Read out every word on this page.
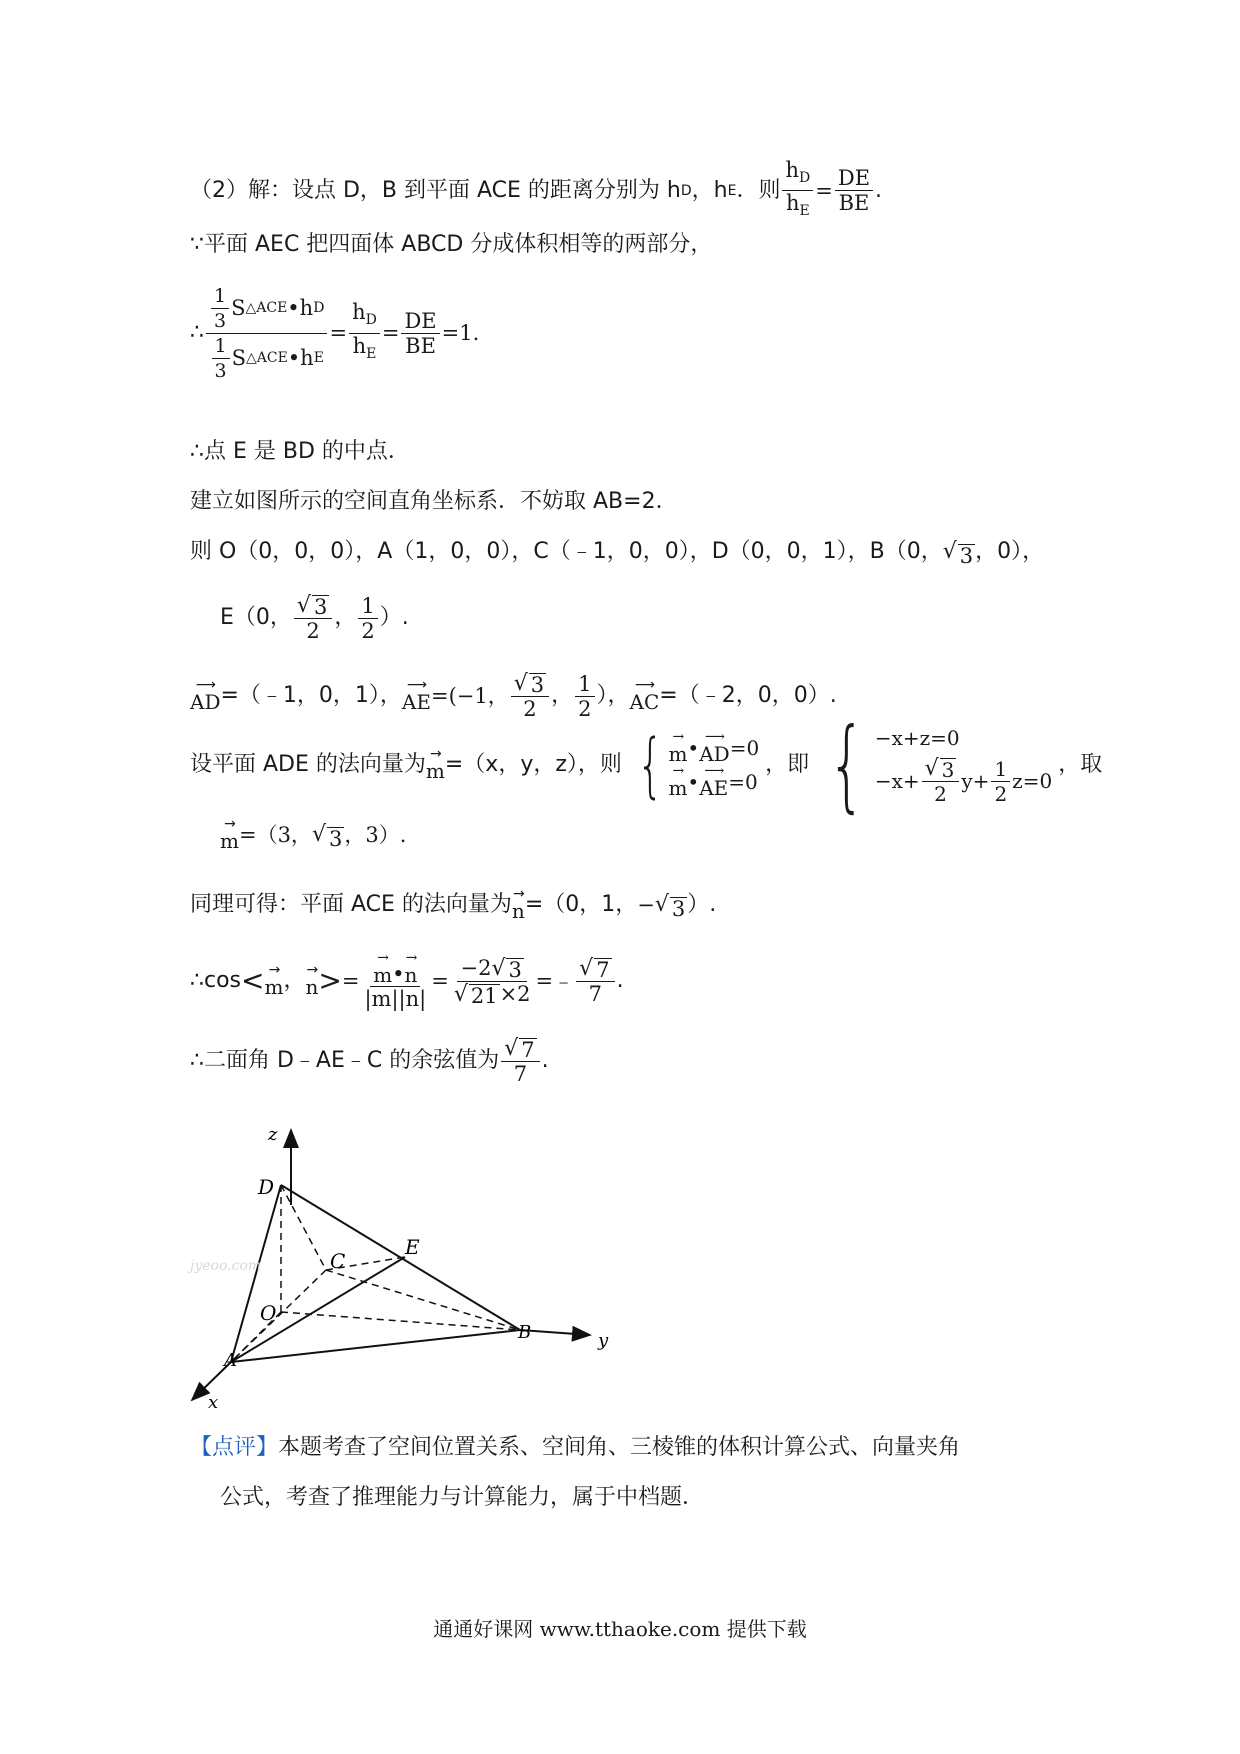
（2）解：设点 D，B 到平面 ACE 的距离分别为 h D ，h E ．则 $\frac{h_D}{h_E} = \frac{DE}{BE}$ .
∵平面 AEC 把四面体 ABCD 分成体积相等的两部分，
∴ $\frac{\frac{1}{3} S \triangle ACE •h D}{\frac{1}{3} S \triangle ACE •h E} = \frac{h_D}{h_E} = \frac{DE}{BE} =1$.
∴点 E 是 BD 的中点．
建立如图所示的空间直角坐标系．不妨取 AB=2．
则 O（0，0，0），A（1，0，0），C（﹣1，0，0），D（0，0，1），B（0， √ 3 ，0），
E（0， $\frac{√ 3}{2}$ ， $\frac{1}{2}$ ）.
⟶
AD =（﹣1，0，1）， ⟶
AE =(−1， $\frac{√ 3}{2}$ ， $\frac{1}{2}$ ）， ⟶
AC =（﹣2，0，0）.
设平面 ADE 的法向量为 →
m =（x，y，z），则 { →
m • ⟶
AD =0
→
m • ⟶
AE =0
，即 { −x+z=0
$-x+ \frac{√ 3}{2} y+ \frac{1}{2} z=0$
，取
→
m =（3， √ 3 ，3）.
同理可得：平面 ACE 的法向量为 →
n =（0，1， − √ 3 ）.
∴cos < →
m ， →
n > = →
m •
→
n
$|m||n| = \frac{-2 √ 3}{√ 21 \times 2}$ =﹣ $\frac{√ 7}{7}$ .
∴二面角 D﹣AE﹣C 的余弦值为 $\frac{√ 7}{7}$ .
z
D
C
E
O
B	y
A
x
jyeoo.com
【点评】 本题考查了空间位置关系、空间角、三棱锥的体积计算公式、向量夹角
公式，考查了推理能力与计算能力，属于中档题．
通通好课网 www.tthaoke.com 提供下载
